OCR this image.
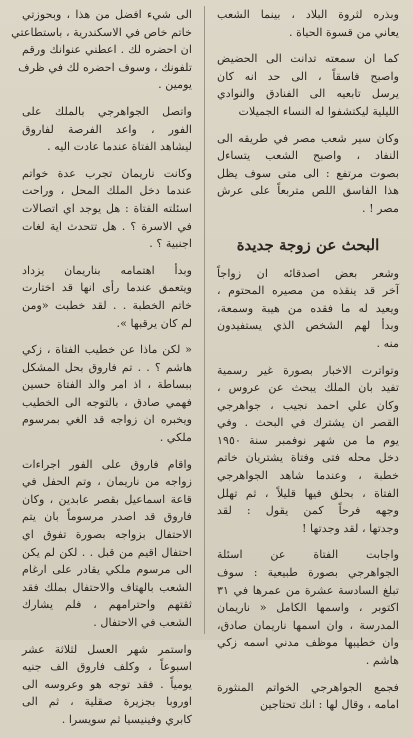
وبذره لثروة البلاد ، بينما الشعب
يعاني من قسوة الحياة .

كما ان سمعته تدانت الى الحضيض
واصبح فاسقاً ، الى حد انه كان
يرسل تابعيه الى الفنادق والنوادي
الليلية ليكتشفوا له النساء الجميلات

وكان سير شعب مصر في طريقه الى
النفاد ، واصبح الشعب يتساءل
بصوت مرتفع : الى متى سوف يظل
هذا الفاسق اللص متربعاً على عرش
مصر ! .

البحث عن زوجة جديدة

وشعر بعض اصدقائه ان زواجاً
آخر قد ينقذه من مصيره المحتوم ،
ويعيد له ما فقده من هيبة وسمعة،
وبدأ لهم الشخص الذي يستفيدون
منه .

وتواترت الاخبار بصورة غير رسمية
تفيد بان الملك يبحث عن عروس ،
وكان علي احمد نجيب ، جواهرجي
القصر ان يشترك في البحث . وفي
يوم ما من شهر نوفمبر سنة ١٩٥٠
دخل محله فتى وفتاة يشتريان خاتم
خطبة ، وعندما شاهد الجواهرجي
الفتاة ، بحلق فيها قليلاً ، ثم تهلل
وجهه فرحاً كمن يقول : لقد
وجدتها ، لقد وجدتها !

واجابت الفتاة عن اسئلة
الجواهرجي بصورة طبيعية : سوف
تبلغ السادسة عشرة من عمرها في ٣١
اكتوبر ، واسمها الكامل « ناريمان
المدرسة ، وان اسمها ناريمان صادق،
وان خطيبها موظف مدني اسمه زكي
هاشم .

فجمع الجواهرجي الخواتم المنثورة
امامه ، وقال لها : انك تحتاجين

الى شيء افضل من هذا ، وبحوزتي
خاتم خاص في الاسكندرية ، باستطاعتي
ان احضره لك . اعطني عنوانك ورقم
تلفونك ، وسوف احضره لك في ظرف
يومين .

واتصل الجواهرجي بالملك على
الفور ، واعد الفرصة لفاروق
ليشاهد الفتاة عندما عادت اليه .

وكانت ناريمان تجرب عدة خواتم
عندما دخل الملك المحل ، وراحت
اسئلته الفتاة : هل يوجد اي اتصالات
في الاسرة ؟ . هل تتحدث اية لغات
اجنبية ؟ .

وبدأ اهتمامه بناريمان يزداد
ويتعمق عندما رأى انها قد اختارت
خاتم الخطبة . . لقد خطبت «ومن
لم كان يرقبها ».

« لكن ماذا عن خطيب الفتاة ، زكي
هاشم ؟ . . تم فاروق بحل المشكل
ببساطة ، اذ امر والد الفتاة حسين
فهمي صادق ، بالتوجه الى الخطيب
ويخبره ان زواجه قد الغي بمرسوم
ملكي .

واقام فاروق على الفور اجراءات
زواجه من ناريمان ، وتم الحفل في
قاعة اسماعيل بقصر عابدين ، وكان
فاروق قد اصدر مرسوماً بان يتم
الاحتفال بزواجه بصورة تفوق اي
احتفال اقيم من قبل . . لكن لم يكن
الى مرسوم ملكي يقادر على ارغام
الشعب بالهتاف والاحتفال بملك فقد
ثقتهم واحترامهم ، فلم يشارك
الشعب في الاحتفال .

واستمر شهر العسل لثلاثة عشر
اسبوعاً ، وكلف فاروق الف جنيه
يومياً . فقد توجه هو وعروسه الى
اوروبا بجزيرة صقلية ، ثم الى
كابري وفينيسيا ثم سويسرا .
